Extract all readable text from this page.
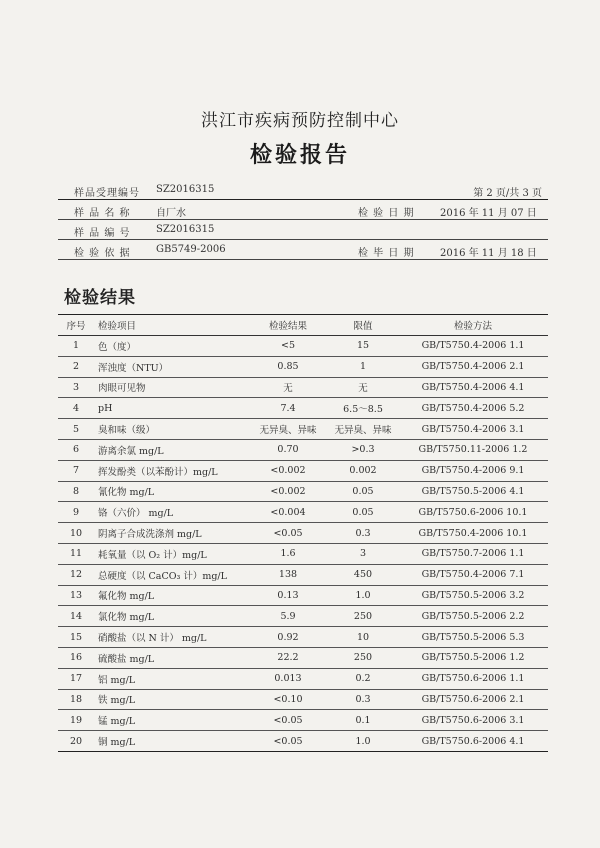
洪江市疾病预防控制中心
检验报告
样品受理编号 SZ2016315	第 2 页/共 3 页
样 品 名 称	自厂水	检 验 日 期	2016 年 11 月 07 日
样 品 编 号	SZ2016315
检 验 依 据	GB5749-2006	检 毕 日 期	2016 年 11 月 18 日
检验结果
序号	检验项目	检验结果	限值	检验方法
1	色（度）	<5	15	GB/T5750.4-2006 1.1
2	浑浊度（NTU）	0.85	1	GB/T5750.4-2006 2.1
3	肉眼可见物	无	无	GB/T5750.4-2006 4.1
4	pH	7.4	6.5～8.5	GB/T5750.4-2006 5.2
5	臭和味（级）	无异臭、异味	无异臭、异味	GB/T5750.4-2006 3.1
6	游离余氯 mg/L	0.70	>0.3	GB/T5750.11-2006 1.2
7	挥发酚类（以苯酚计）mg/L	<0.002	0.002	GB/T5750.4-2006 9.1
8	氰化物 mg/L	<0.002	0.05	GB/T5750.5-2006 4.1
9	铬（六价） mg/L	<0.004	0.05	GB/T5750.6-2006 10.1
10	阴离子合成洗涤剂 mg/L	<0.05	0.3	GB/T5750.4-2006 10.1
11	耗氧量（以 O₂ 计）mg/L	1.6	3	GB/T5750.7-2006 1.1
12	总硬度（以 CaCO₃ 计）mg/L	138	450	GB/T5750.4-2006 7.1
13	氟化物 mg/L	0.13	1.0	GB/T5750.5-2006 3.2
14	氯化物 mg/L	5.9	250	GB/T5750.5-2006 2.2
15	硝酸盐（以 N 计） mg/L	0.92	10	GB/T5750.5-2006 5.3
16	硫酸盐 mg/L	22.2	250	GB/T5750.5-2006 1.2
17	铝 mg/L	0.013	0.2	GB/T5750.6-2006 1.1
18	铁 mg/L	<0.10	0.3	GB/T5750.6-2006 2.1
19	锰 mg/L	<0.05	0.1	GB/T5750.6-2006 3.1
20	铜 mg/L	<0.05	1.0	GB/T5750.6-2006 4.1
